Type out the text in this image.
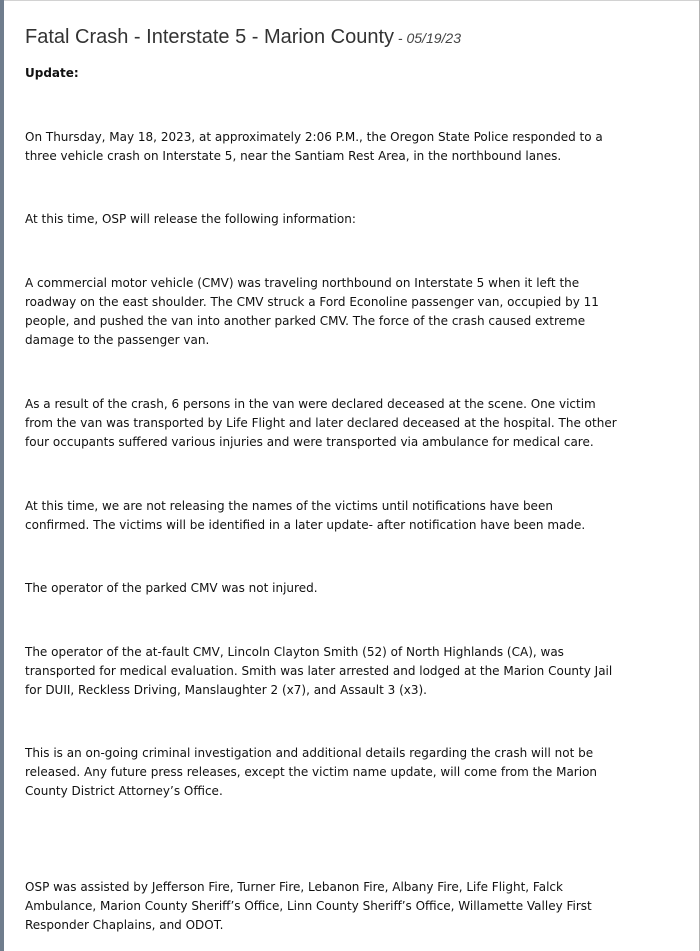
Fatal Crash - Interstate 5 - Marion County - 05/19/23
Update:

On Thursday, May 18, 2023, at approximately 2:06 P.M., the Oregon State Police responded to a
three vehicle crash on Interstate 5, near the Santiam Rest Area, in the northbound lanes.

At this time, OSP will release the following information:

A commercial motor vehicle (CMV) was traveling northbound on Interstate 5 when it left the
roadway on the east shoulder. The CMV struck a Ford Econoline passenger van, occupied by 11
people, and pushed the van into another parked CMV. The force of the crash caused extreme
damage to the passenger van.

As a result of the crash, 6 persons in the van were declared deceased at the scene. One victim
from the van was transported by Life Flight and later declared deceased at the hospital. The other
four occupants suffered various injuries and were transported via ambulance for medical care.

At this time, we are not releasing the names of the victims until notifications have been
confirmed. The victims will be identified in a later update- after notification have been made.

The operator of the parked CMV was not injured.

The operator of the at-fault CMV, Lincoln Clayton Smith (52) of North Highlands (CA), was
transported for medical evaluation. Smith was later arrested and lodged at the Marion County Jail
for DUII, Reckless Driving, Manslaughter 2 (x7), and Assault 3 (x3).

This is an on-going criminal investigation and additional details regarding the crash will not be
released. Any future press releases, except the victim name update, will come from the Marion
County District Attorney’s Office.

OSP was assisted by Jefferson Fire, Turner Fire, Lebanon Fire, Albany Fire, Life Flight, Falck
Ambulance, Marion County Sheriff’s Office, Linn County Sheriff’s Office, Willamette Valley First
Responder Chaplains, and ODOT.
